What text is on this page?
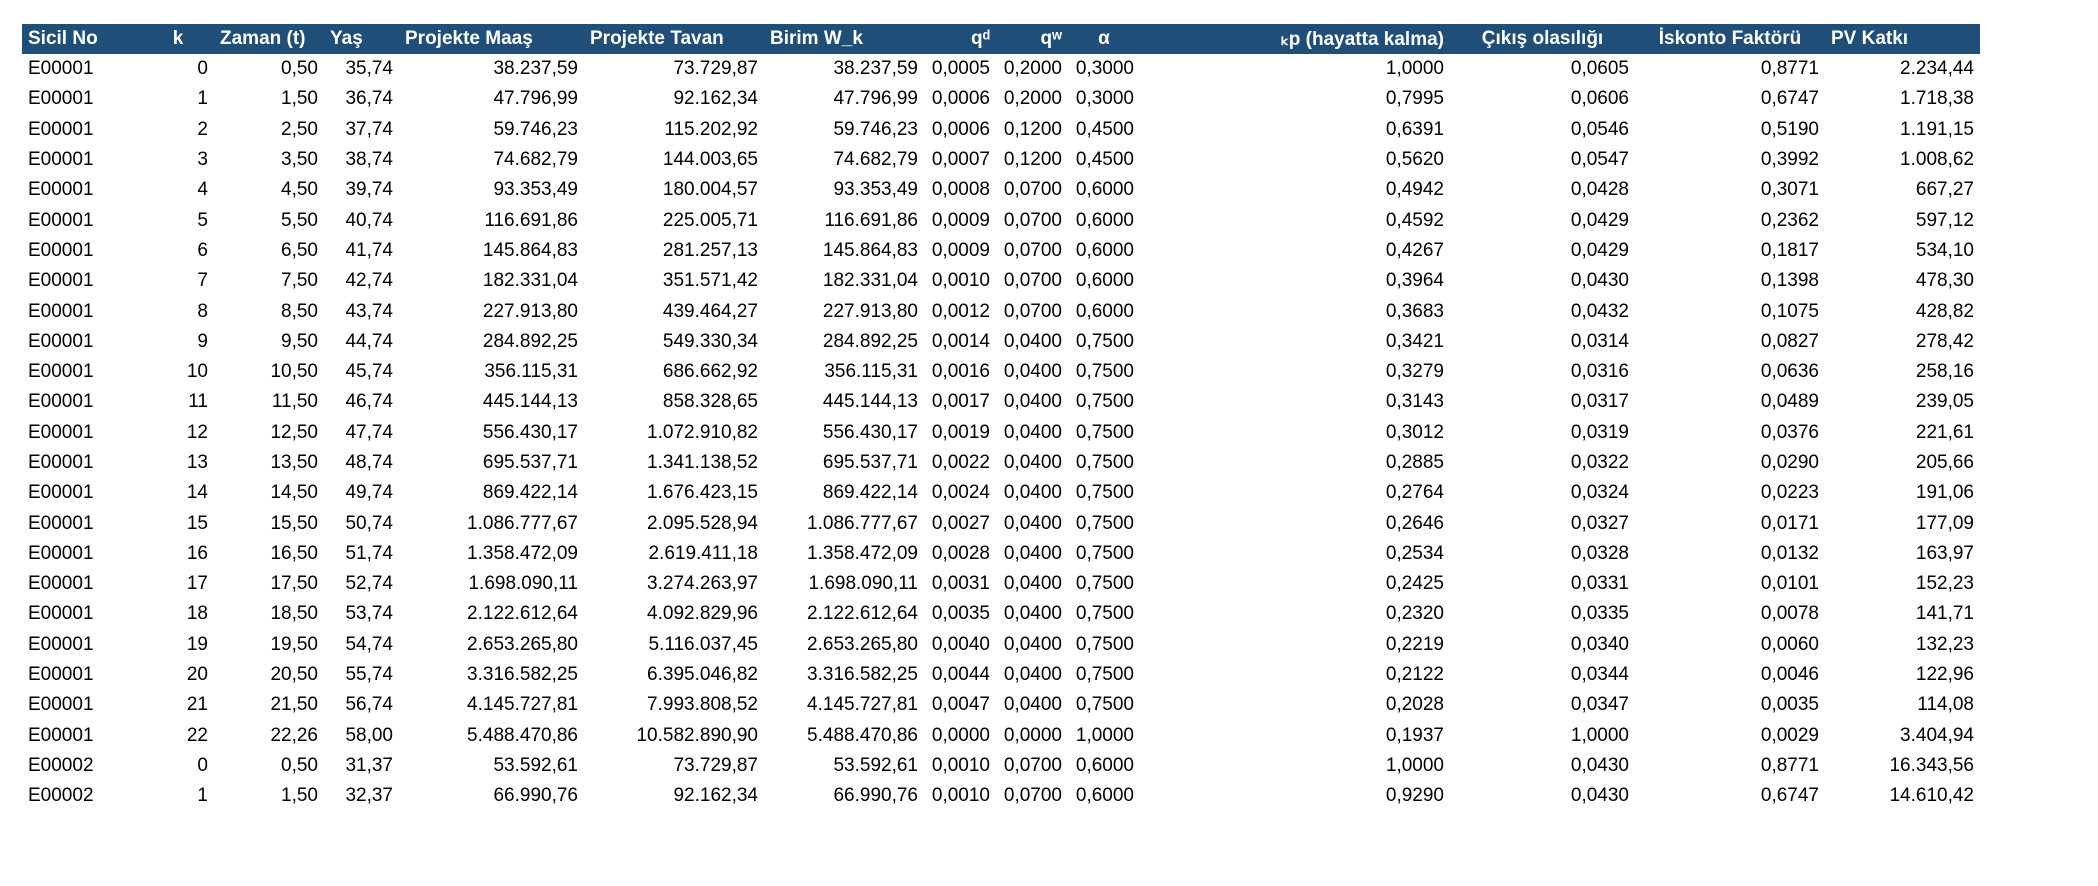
Sicil No	k	Zaman (t)	Yaş	Projekte Maaş	Projekte Tavan	Birim W_k	qᵈ	qʷ	α	ₖp (hayatta kalma)	Çıkış olasılığı	İskonto Faktörü	PV Katkı
E00001	0	0,50	35,74	38.237,59	73.729,87	38.237,59	0,0005	0,2000	0,3000	1,0000	0,0605	0,8771	2.234,44
E00001	1	1,50	36,74	47.796,99	92.162,34	47.796,99	0,0006	0,2000	0,3000	0,7995	0,0606	0,6747	1.718,38
E00001	2	2,50	37,74	59.746,23	115.202,92	59.746,23	0,0006	0,1200	0,4500	0,6391	0,0546	0,5190	1.191,15
E00001	3	3,50	38,74	74.682,79	144.003,65	74.682,79	0,0007	0,1200	0,4500	0,5620	0,0547	0,3992	1.008,62
E00001	4	4,50	39,74	93.353,49	180.004,57	93.353,49	0,0008	0,0700	0,6000	0,4942	0,0428	0,3071	667,27
E00001	5	5,50	40,74	116.691,86	225.005,71	116.691,86	0,0009	0,0700	0,6000	0,4592	0,0429	0,2362	597,12
E00001	6	6,50	41,74	145.864,83	281.257,13	145.864,83	0,0009	0,0700	0,6000	0,4267	0,0429	0,1817	534,10
E00001	7	7,50	42,74	182.331,04	351.571,42	182.331,04	0,0010	0,0700	0,6000	0,3964	0,0430	0,1398	478,30
E00001	8	8,50	43,74	227.913,80	439.464,27	227.913,80	0,0012	0,0700	0,6000	0,3683	0,0432	0,1075	428,82
E00001	9	9,50	44,74	284.892,25	549.330,34	284.892,25	0,0014	0,0400	0,7500	0,3421	0,0314	0,0827	278,42
E00001	10	10,50	45,74	356.115,31	686.662,92	356.115,31	0,0016	0,0400	0,7500	0,3279	0,0316	0,0636	258,16
E00001	11	11,50	46,74	445.144,13	858.328,65	445.144,13	0,0017	0,0400	0,7500	0,3143	0,0317	0,0489	239,05
E00001	12	12,50	47,74	556.430,17	1.072.910,82	556.430,17	0,0019	0,0400	0,7500	0,3012	0,0319	0,0376	221,61
E00001	13	13,50	48,74	695.537,71	1.341.138,52	695.537,71	0,0022	0,0400	0,7500	0,2885	0,0322	0,0290	205,66
E00001	14	14,50	49,74	869.422,14	1.676.423,15	869.422,14	0,0024	0,0400	0,7500	0,2764	0,0324	0,0223	191,06
E00001	15	15,50	50,74	1.086.777,67	2.095.528,94	1.086.777,67	0,0027	0,0400	0,7500	0,2646	0,0327	0,0171	177,09
E00001	16	16,50	51,74	1.358.472,09	2.619.411,18	1.358.472,09	0,0028	0,0400	0,7500	0,2534	0,0328	0,0132	163,97
E00001	17	17,50	52,74	1.698.090,11	3.274.263,97	1.698.090,11	0,0031	0,0400	0,7500	0,2425	0,0331	0,0101	152,23
E00001	18	18,50	53,74	2.122.612,64	4.092.829,96	2.122.612,64	0,0035	0,0400	0,7500	0,2320	0,0335	0,0078	141,71
E00001	19	19,50	54,74	2.653.265,80	5.116.037,45	2.653.265,80	0,0040	0,0400	0,7500	0,2219	0,0340	0,0060	132,23
E00001	20	20,50	55,74	3.316.582,25	6.395.046,82	3.316.582,25	0,0044	0,0400	0,7500	0,2122	0,0344	0,0046	122,96
E00001	21	21,50	56,74	4.145.727,81	7.993.808,52	4.145.727,81	0,0047	0,0400	0,7500	0,2028	0,0347	0,0035	114,08
E00001	22	22,26	58,00	5.488.470,86	10.582.890,90	5.488.470,86	0,0000	0,0000	1,0000	0,1937	1,0000	0,0029	3.404,94
E00002	0	0,50	31,37	53.592,61	73.729,87	53.592,61	0,0010	0,0700	0,6000	1,0000	0,0430	0,8771	16.343,56
E00002	1	1,50	32,37	66.990,76	92.162,34	66.990,76	0,0010	0,0700	0,6000	0,9290	0,0430	0,6747	14.610,42
